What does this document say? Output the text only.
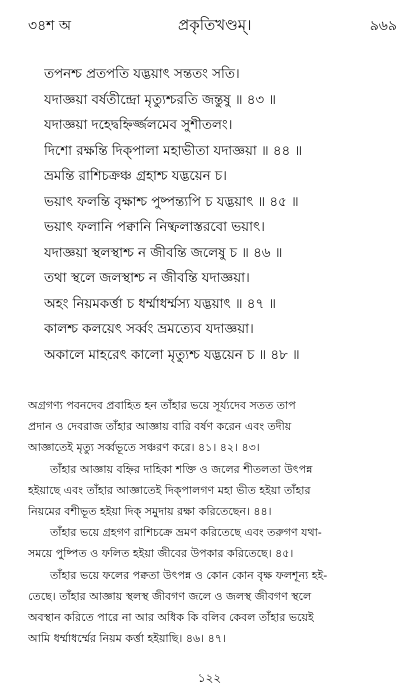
৩৪শ অ	প্রকৃতিখণ্ডম্।	৯৬৯
তপনশ্চ প্রতপতি যদ্ভয়াৎ সন্ততং সতি।
যদাজ্ঞয়া বর্ষতীন্দ্রো মৃত্যুশ্চরতি জন্তুষু ॥ ৪৩ ॥
যদাজ্ঞয়া দহেদ্বহ্নির্জ্জলমেব সুশীতলং।
দিশো রক্ষন্তি দিক্পালা মহাভীতা যদাজ্ঞয়া ॥ ৪৪ ॥
ভ্রমন্তি রাশিচক্রঞ্চ গ্রহাশ্চ যদ্ভয়েন চ।
ভয়াৎ ফলন্তি বৃক্ষাশ্চ পুষ্পন্ত্যপি চ যদ্ভয়াৎ ॥ ৪৫ ॥
ভয়াৎ ফলানি পক্বানি নিষ্ফলাস্তরবো ভয়াৎ।
যদাজ্ঞয়া স্থলস্থাশ্চ ন জীবন্তি জলেষু চ ॥ ৪৬ ॥
তথা স্থলে জলস্থাশ্চ ন জীবন্তি যদাজ্ঞয়া।
অহং নিয়মকর্ত্তা চ ধর্ম্মাধর্ম্মস্য যদ্ভয়াৎ ॥ ৪৭ ॥
কালশ্চ কলয়েৎ সর্ব্বং ভ্রমত্যেব যদাজ্ঞয়া।
অকালে মাহরেৎ কালো মৃত্যুশ্চ যদ্ভয়েন চ ॥ ৪৮ ॥
অগ্রগণ্য পবনদেব প্রবাহিত হন তাঁহার ভয়ে সূর্য্যদেব সতত তাপ
প্রদান ও দেবরাজ তাঁহার আজ্ঞায় বারি বর্ষণ করেন এবং তদীয়
আজ্ঞাতেই মৃত্যু সর্ব্বভূতে সঞ্চরণ করে। ৪১। ৪২। ৪৩।
তাঁহার আজ্ঞায় বহ্নির দাহিকা শক্তি ও জলের শীতলতা উৎপন্ন
হইয়াছে এবং তাঁহার আজ্ঞাতেই দিক্পালগণ মহা ভীত হইয়া তাঁহার
নিয়মের বশীভূত হইয়া দিক্ সমুদায় রক্ষা করিতেছেন। ৪৪।
তাঁহার ভয়ে গ্রহগণ রাশিচক্রে ভ্রমণ করিতেছে এবং তরুগণ যথা-
সময়ে পুষ্পিত ও ফলিত হইয়া জীবের উপকার করিতেছে। ৪৫।
তাঁহার ভয়ে ফলের পক্বতা উৎপন্ন ও কোন কোন বৃক্ষ ফলশূন্য হই-
তেছে। তাঁহার আজ্ঞায় স্থলস্থ জীবগণ জলে ও জলস্থ জীবগণ স্থলে
অবস্থান করিতে পারে না আর অধিক কি বলিব কেবল তাঁহার ভয়েই
আমি ধর্ম্মাধর্ম্মের নিয়ম কর্ত্তা হইয়াছি। ৪৬। ৪৭।
১২২
